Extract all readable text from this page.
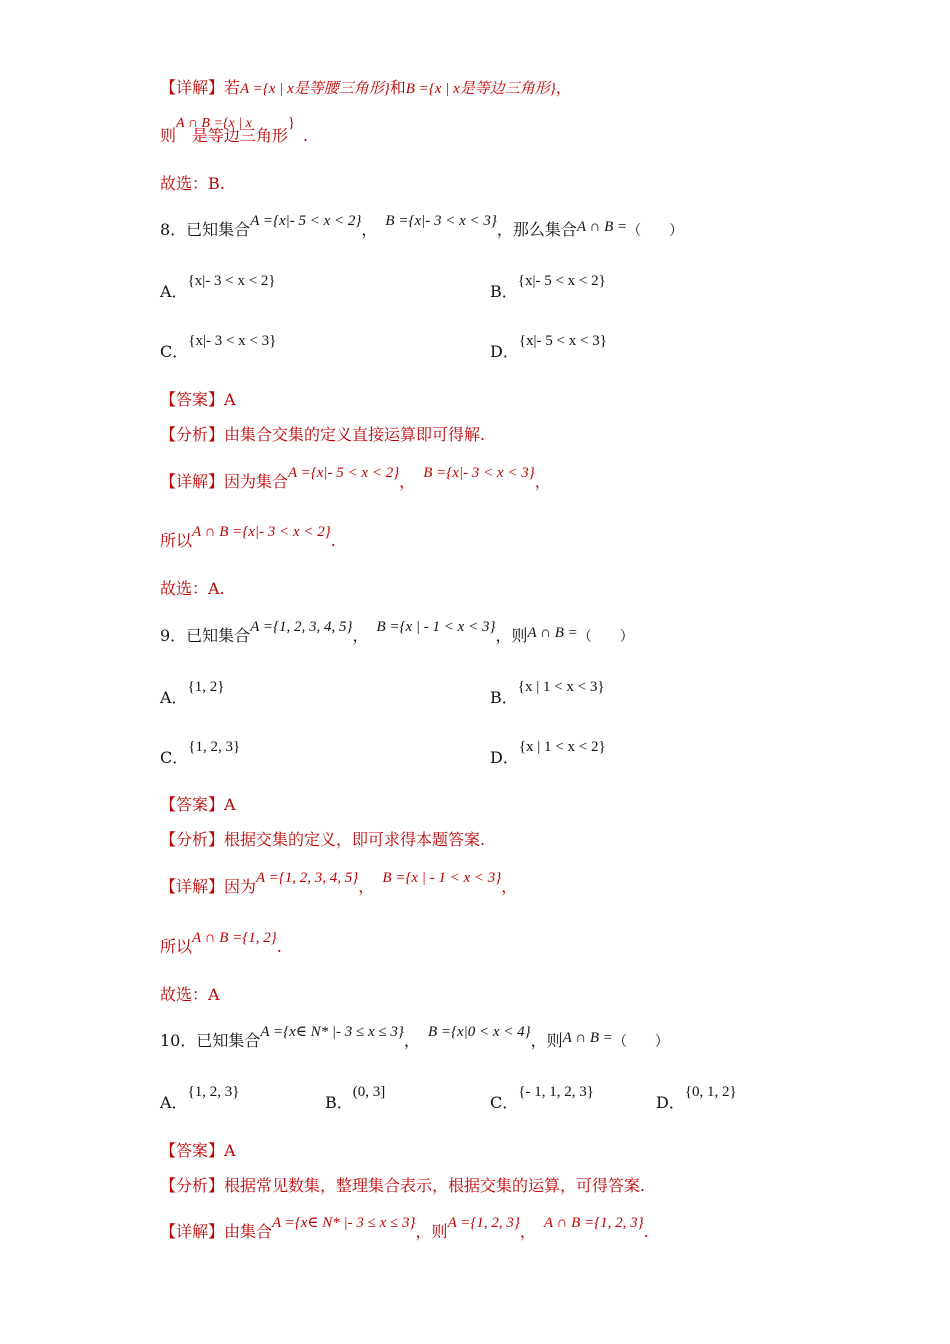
【详解】若A ={x | x是等腰三角形}和B ={x | x是等边三角形}，
则A ∩ B ={x | x是等边三角形}.
故选：B.
8．已知集合A ={x|- 5 < x < 2}，　 B ={x|- 3 < x < 3}，那么集合A ∩ B =（　　）
A．{x|- 3 < x < 2}
B．{x|- 5 < x < 2}
C．{x|- 3 < x < 3}
D．{x|- 5 < x < 3}
【答案】A
【分析】由集合交集的定义直接运算即可得解.
【详解】因为集合A ={x|- 5 < x < 2}，　 B ={x|- 3 < x < 3}，
所以A ∩ B ={x|- 3 < x < 2}.
故选：A.
9．已知集合A ={1, 2, 3, 4, 5}，　 B ={x | - 1 < x < 3}，则A ∩ B =（　　）
A．{1, 2}
B．{x | 1 < x < 3}
C．{1, 2, 3}
D．{x | 1 < x < 2}
【答案】A
【分析】根据交集的定义，即可求得本题答案.
【详解】因为A ={1, 2, 3, 4, 5}，　 B ={x | - 1 < x < 3}，
所以A ∩ B ={1, 2}.
故选：A
10．已知集合A ={x∈ N* |- 3 ≤ x ≤ 3}，　 B ={x|0 < x < 4}，则A ∩ B =（　　）
A．{1, 2, 3}
B．(0, 3]
C．{- 1, 1, 2, 3}
D．{0, 1, 2}
【答案】A
【分析】根据常见数集，整理集合表示，根据交集的运算，可得答案.
【详解】由集合A ={x∈ N* |- 3 ≤ x ≤ 3}，则A ={1, 2, 3}，　 A ∩ B ={1, 2, 3}.
